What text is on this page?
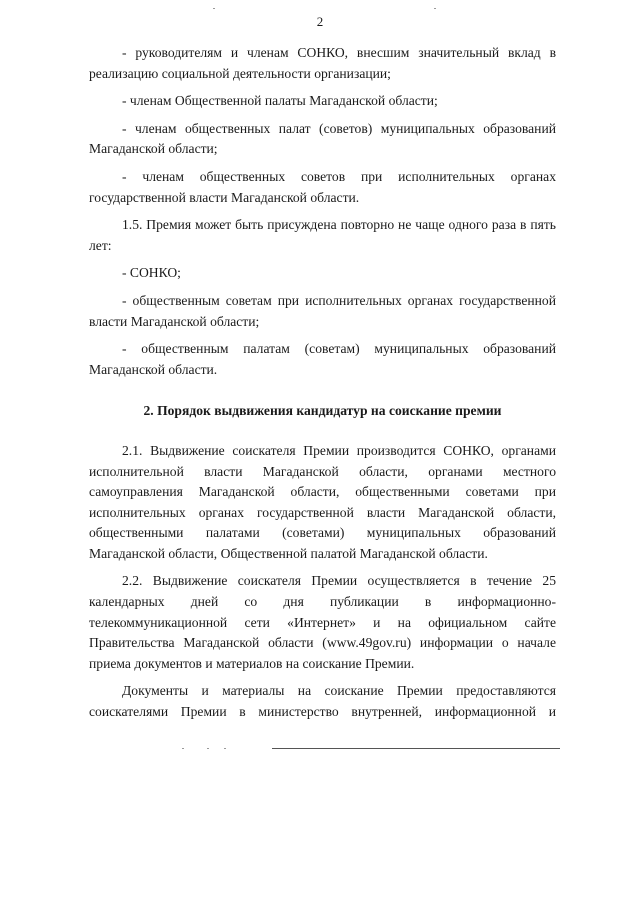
2

- руководителям и членам СОНКО, внесшим значительный вклад в реализацию социальной деятельности организации;

- членам Общественной палаты Магаданской области;

- членам общественных палат (советов) муниципальных образований Магаданской области;

- членам общественных советов при исполнительных органах государственной власти Магаданской области.

1.5. Премия может быть присуждена повторно не чаще одного раза в пять лет:

- СОНКО;

- общественным советам при исполнительных органах государственной власти Магаданской области;

- общественным палатам (советам) муниципальных образований Магаданской области.

2. Порядок выдвижения кандидатур на соискание премии

2.1. Выдвижение соискателя Премии производится СОНКО, органами исполнительной власти Магаданской области, органами местного самоуправления Магаданской области, общественными советами при исполнительных органах государственной власти Магаданской области, общественными палатами (советами) муниципальных образований Магаданской области, Общественной палатой Магаданской области.

2.2. Выдвижение соискателя Премии осуществляется в течение 25 календарных дней со дня публикации в информационно-телекоммуникационной сети «Интернет» и на официальном сайте Правительства Магаданской области (www.49gov.ru) информации о начале приема документов и материалов на соискание Премии.

Документы и материалы на соискание Премии предоставляются соискателями Премии в министерство внутренней, информационной и
